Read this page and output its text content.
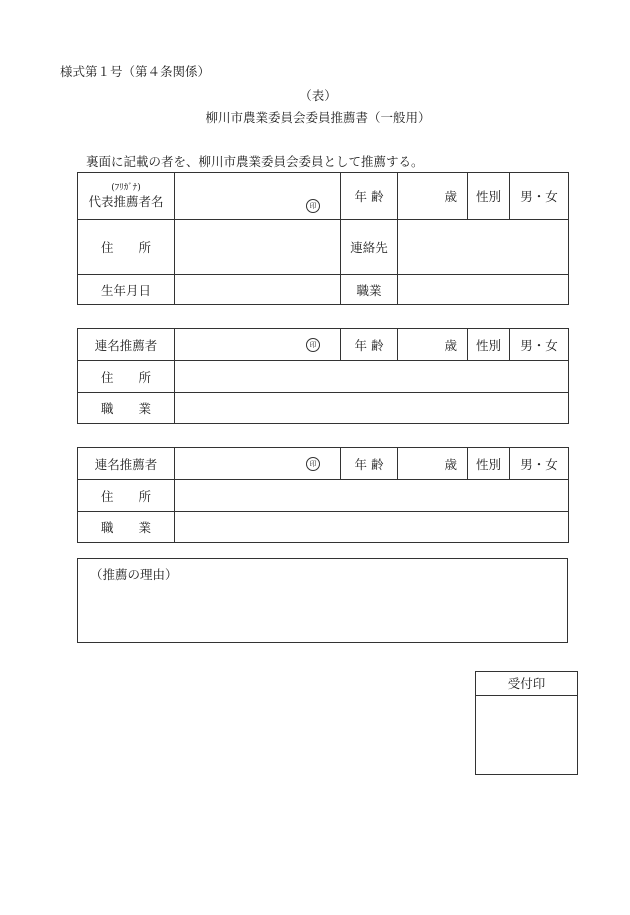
様式第１号（第４条関係）
（表）
柳川市農業委員会委員推薦書（一般用）
裏面に記載の者を、柳川市農業委員会委員として推薦する。
(ﾌﾘｶﾞﾅ)
代表推薦者名	印	年 齢	歳	性別	男・女
住　　所		連絡先			
生年月日		職業			
連名推薦者	印	年 齢	歳	性別	男・女
住　　所					
職　　業					
連名推薦者	印	年 齢	歳	性別	男・女
住　　所					
職　　業					
（推薦の理由）
受付印
